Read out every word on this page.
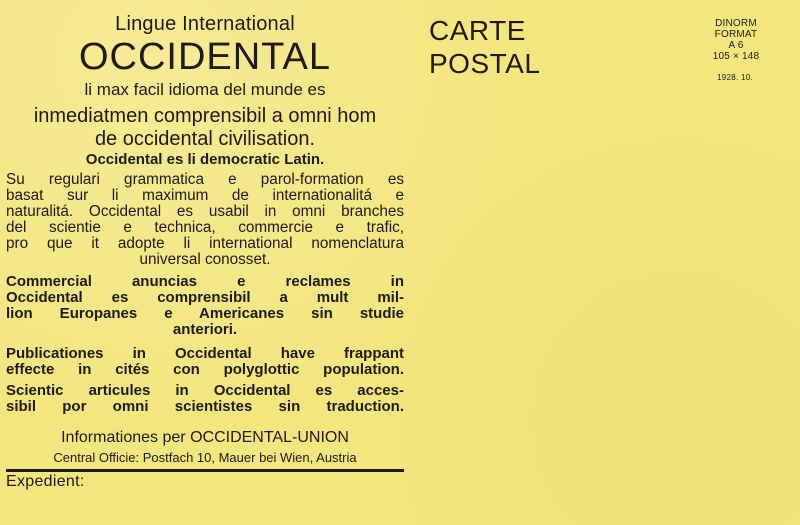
Lingue International
OCCIDENTAL
li max facil idioma del munde es
inmediatmen comprensibil a omni hom
de occidental civilisation.
Occidental es li democratic Latin.
Su regulari grammatica e parol-formation es
basat sur li maximum de internationalitá e
naturalitá. Occidental es usabil in omni branches
del scientie e technica, commercie e trafic,
pro que it adopte li international nomenclatura
universal conosset.
Commercial anuncias e reclames in
Occidental es comprensibil a mult mil-
lion Europanes e Americanes sin studie
anteriori.
Publicationes in Occidental have frappant
effecte in cités con polyglottic population.
Scientic articules in Occidental es acces-
sibil por omni scientistes sin traduction.
Informationes per OCCIDENTAL-UNION
Central Officie: Postfach 10, Mauer bei Wien, Austria
Expedient:
CARTE
POSTAL
DINORM
FORMAT
A 6
105 × 148
1928. 10.
